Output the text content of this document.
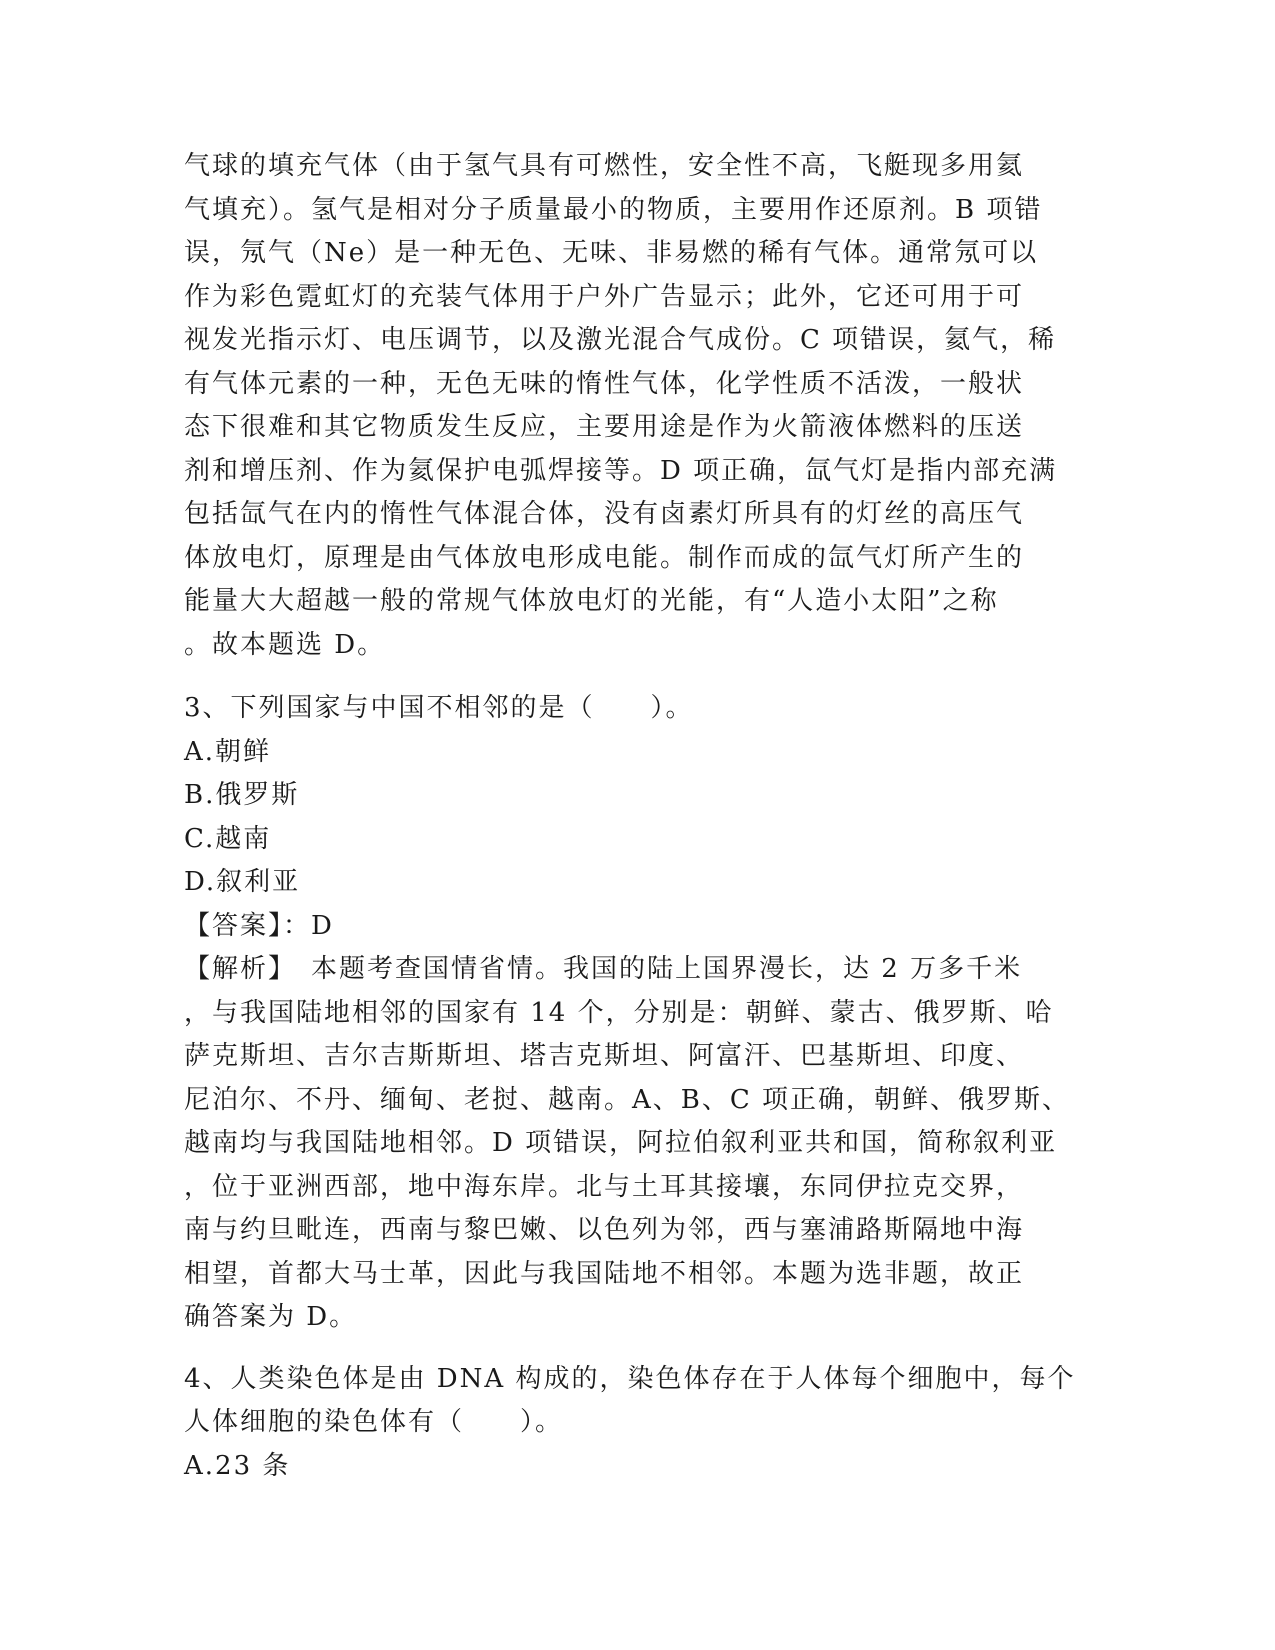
气球的填充气体（由于氢气具有可燃性，安全性不高，飞艇现多用氦
气填充）。氢气是相对分子质量最小的物质，主要用作还原剂。B 项错
误，氖气（Ne）是一种无色、无味、非易燃的稀有气体。通常氖可以
作为彩色霓虹灯的充装气体用于户外广告显示；此外，它还可用于可
视发光指示灯、电压调节，以及激光混合气成份。C 项错误，氦气，稀
有气体元素的一种，无色无味的惰性气体，化学性质不活泼，一般状
态下很难和其它物质发生反应，主要用途是作为火箭液体燃料的压送
剂和增压剂、作为氦保护电弧焊接等。D 项正确，氙气灯是指内部充满
包括氙气在内的惰性气体混合体，没有卤素灯所具有的灯丝的高压气
体放电灯，原理是由气体放电形成电能。制作而成的氙气灯所产生的
能量大大超越一般的常规气体放电灯的光能，有“人造小太阳”之称
。故本题选 D。
3、下列国家与中国不相邻的是（　　）。
A.朝鲜
B.俄罗斯
C.越南
D.叙利亚
【答案】：D
【解析】　本题考查国情省情。我国的陆上国界漫长，达 2 万多千米
，与我国陆地相邻的国家有 14 个，分别是：朝鲜、蒙古、俄罗斯、哈
萨克斯坦、吉尔吉斯斯坦、塔吉克斯坦、阿富汗、巴基斯坦、印度、
尼泊尔、不丹、缅甸、老挝、越南。A、B、C 项正确，朝鲜、俄罗斯、
越南均与我国陆地相邻。D 项错误，阿拉伯叙利亚共和国，简称叙利亚
，位于亚洲西部，地中海东岸。北与土耳其接壤，东同伊拉克交界，
南与约旦毗连，西南与黎巴嫩、以色列为邻，西与塞浦路斯隔地中海
相望，首都大马士革，因此与我国陆地不相邻。本题为选非题，故正
确答案为 D。
4、人类染色体是由 DNA 构成的，染色体存在于人体每个细胞中，每个
人体细胞的染色体有（　　）。
A.23 条
